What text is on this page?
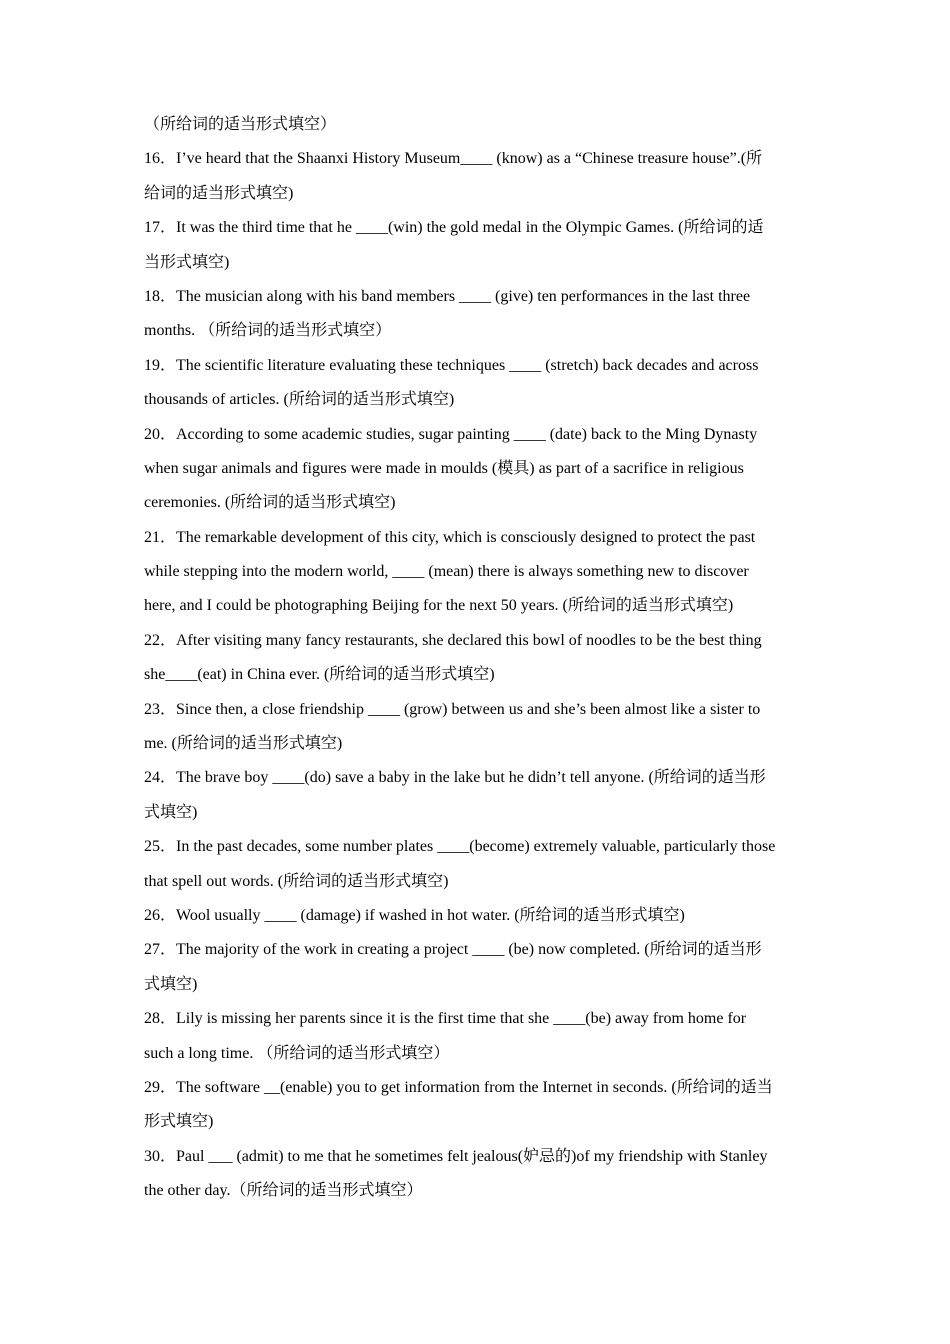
（所给词的适当形式填空）
16．I’ve heard that the Shaanxi History Museum____ (know) as a “Chinese treasure house”.(所
给词的适当形式填空)
17．It was the third time that he ____(win) the gold medal in the Olympic Games. (所给词的适
当形式填空)
18．The musician along with his band members ____ (give) ten performances in the last three
months. （所给词的适当形式填空）
19．The scientific literature evaluating these techniques ____ (stretch) back decades and across
thousands of articles. (所给词的适当形式填空)
20．According to some academic studies, sugar painting ____ (date) back to the Ming Dynasty
when sugar animals and figures were made in moulds (模具) as part of a sacrifice in religious
ceremonies. (所给词的适当形式填空)
21．The remarkable development of this city, which is consciously designed to protect the past
while stepping into the modern world, ____ (mean) there is always something new to discover
here, and I could be photographing Beijing for the next 50 years. (所给词的适当形式填空)
22．After visiting many fancy restaurants, she declared this bowl of noodles to be the best thing
she____(eat) in China ever. (所给词的适当形式填空)
23．Since then, a close friendship ____ (grow) between us and she’s been almost like a sister to
me. (所给词的适当形式填空)
24．The brave boy ____(do) save a baby in the lake but he didn’t tell anyone. (所给词的适当形
式填空)
25．In the past decades, some number plates ____(become) extremely valuable, particularly those
that spell out words. (所给词的适当形式填空)
26．Wool usually ____ (damage) if washed in hot water. (所给词的适当形式填空)
27．The majority of the work in creating a project ____ (be) now completed. (所给词的适当形
式填空)
28．Lily is missing her parents since it is the first time that she ____(be) away from home for
such a long time. （所给词的适当形式填空）
29．The software __(enable) you to get information from the Internet in seconds. (所给词的适当
形式填空)
30．Paul ___ (admit) to me that he sometimes felt jealous(妒忌的)of my friendship with Stanley
the other day.（所给词的适当形式填空）
